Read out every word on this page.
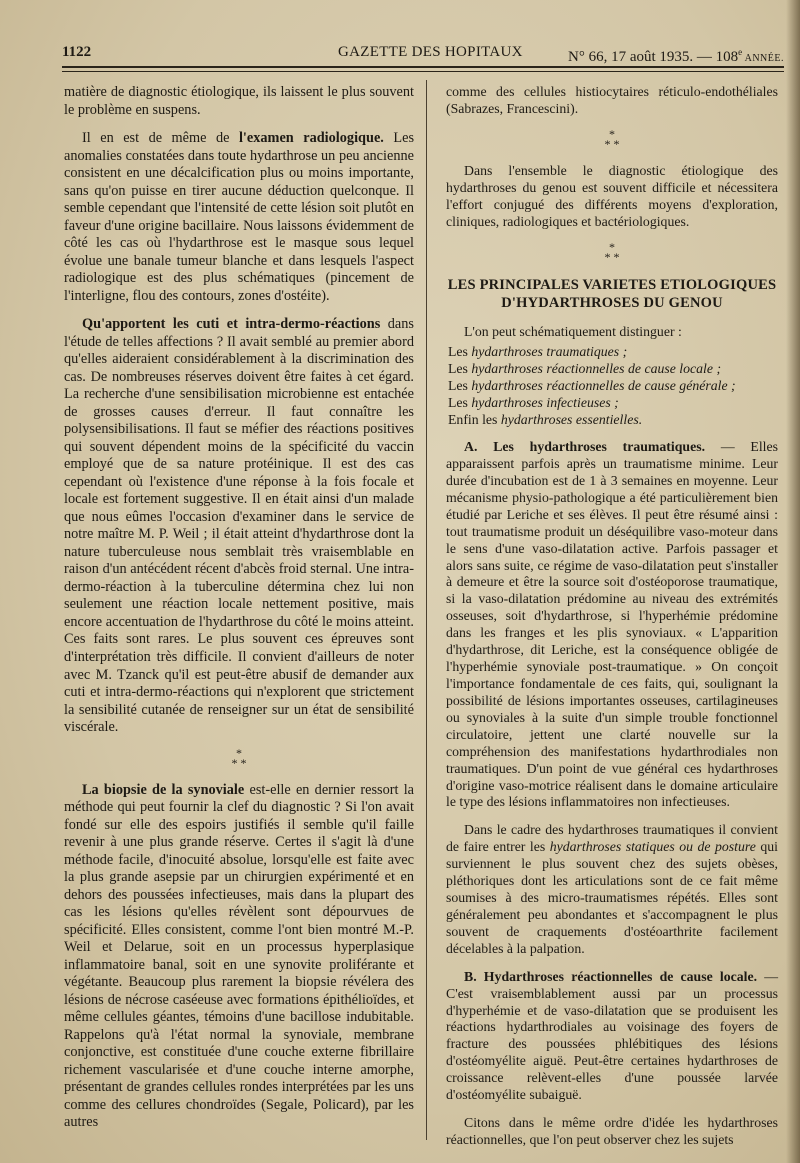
1122	GAZETTE DES HOPITAUX	N° 66, 17 août 1935. — 108e ANNÉE.

matière de diagnostic étiologique, ils laissent le plus souvent le problème en suspens.

Il en est de même de l'examen radiologique. Les anomalies constatées dans toute hydarthrose un peu ancienne consistent en une décalcification plus ou moins importante, sans qu'on puisse en tirer aucune déduction quelconque. Il semble cependant que l'intensité de cette lésion soit plutôt en faveur d'une origine bacillaire. Nous laissons évidemment de côté les cas où l'hydarthrose est le masque sous lequel évolue une banale tumeur blanche et dans lesquels l'aspect radiologique est des plus schématiques (pincement de l'interligne, flou des contours, zones d'ostéite).

Qu'apportent les cuti et intra-dermo-réactions dans l'étude de telles affections ? Il avait semblé au premier abord qu'elles aideraient considérablement à la discrimination des cas. De nombreuses réserves doivent être faites à cet égard. La recherche d'une sensibilisation microbienne est entachée de grosses causes d'erreur. Il faut connaître les polysensibilisations. Il faut se méfier des réactions positives qui souvent dépendent moins de la spécificité du vaccin employé que de sa nature protéinique. Il est des cas cependant où l'existence d'une réponse à la fois focale et locale est fortement suggestive. Il en était ainsi d'un malade que nous eûmes l'occasion d'examiner dans le service de notre maître M. P. Weil ; il était atteint d'hydarthrose dont la nature tuberculeuse nous semblait très vraisemblable en raison d'un antécédent récent d'abcès froid sternal. Une intra-dermo-réaction à la tuberculine détermina chez lui non seulement une réaction locale nettement positive, mais encore accentuation de l'hydarthrose du côté le moins atteint. Ces faits sont rares. Le plus souvent ces épreuves sont d'interprétation très difficile. Il convient d'ailleurs de noter avec M. Tzanck qu'il est peut-être abusif de demander aux cuti et intra-dermo-réactions qui n'explorent que strictement la sensibilité cutanée de renseigner sur un état de sensibilité viscérale.

*
* *

La biopsie de la synoviale est-elle en dernier ressort la méthode qui peut fournir la clef du diagnostic ? Si l'on avait fondé sur elle des espoirs justifiés il semble qu'il faille revenir à une plus grande réserve. Certes il s'agit là d'une méthode facile, d'inocuité absolue, lorsqu'elle est faite avec la plus grande asepsie par un chirurgien expérimenté et en dehors des poussées infectieuses, mais dans la plupart des cas les lésions qu'elles révèlent sont dépourvues de spécificité. Elles consistent, comme l'ont bien montré M.-P. Weil et Delarue, soit en un processus hyperplasique inflammatoire banal, soit en une synovite proliférante et végétante. Beaucoup plus rarement la biopsie révélera des lésions de nécrose caséeuse avec formations épithélioïdes, et même cellules géantes, témoins d'une bacillose indubitable. Rappelons qu'à l'état normal la synoviale, membrane conjonctive, est constituée d'une couche externe fibrillaire richement vascularisée et d'une couche interne amorphe, présentant de grandes cellules rondes interprétées par les uns comme des cellures chondroïdes (Segale, Policard), par les autres

comme des cellules histiocytaires réticulo-endothéliales (Sabrazes, Francescini).

*
* *

Dans l'ensemble le diagnostic étiologique des hydarthroses du genou est souvent difficile et nécessitera l'effort conjugué des différents moyens d'exploration, cliniques, radiologiques et bactériologiques.

*
* *
LES PRINCIPALES VARIETES ETIOLOGIQUES
D'HYDARTHROSES DU GENOU

L'on peut schématiquement distinguer :

Les hydarthroses traumatiques ;
Les hydarthroses réactionnelles de cause locale ;
Les hydarthroses réactionnelles de cause générale ;
Les hydarthroses infectieuses ;
Enfin les hydarthroses essentielles.

A. Les hydarthroses traumatiques. — Elles apparaissent parfois après un traumatisme minime. Leur durée d'incubation est de 1 à 3 semaines en moyenne. Leur mécanisme physio-pathologique a été particulièrement bien étudié par Leriche et ses élèves. Il peut être résumé ainsi : tout traumatisme produit un déséquilibre vaso-moteur dans le sens d'une vaso-dilatation active. Parfois passager et alors sans suite, ce régime de vaso-dilatation peut s'installer à demeure et être la source soit d'ostéoporose traumatique, si la vaso-dilatation prédomine au niveau des extrémités osseuses, soit d'hydarthrose, si l'hyperhémie prédomine dans les franges et les plis synoviaux. « L'apparition d'hydarthrose, dit Leriche, est la conséquence obligée de l'hyperhémie synoviale post-traumatique. » On conçoit l'importance fondamentale de ces faits, qui, soulignant la possibilité de lésions importantes osseuses, cartilagineuses ou synoviales à la suite d'un simple trouble fonctionnel circulatoire, jettent une clarté nouvelle sur la compréhension des manifestations hydarthrodiales non traumatiques. D'un point de vue général ces hydarthroses d'origine vaso-motrice réalisent dans le domaine articulaire le type des lésions inflammatoires non infectieuses.

Dans le cadre des hydarthroses traumatiques il convient de faire entrer les hydarthroses statiques ou de posture qui surviennent le plus souvent chez des sujets obèses, pléthoriques dont les articulations sont de ce fait même soumises à des micro-traumatismes répétés. Elles sont généralement peu abondantes et s'accompagnent le plus souvent de craquements d'ostéoarthrite facilement décelables à la palpation.

B. Hydarthroses réactionnelles de cause locale. — C'est vraisemblablement aussi par un processus d'hyperhémie et de vaso-dilatation que se produisent les réactions hydarthrodiales au voisinage des foyers de fracture des poussées phlébitiques des lésions d'ostéomyélite aiguë. Peut-être certaines hydarthroses de croissance relèvent-elles d'une poussée larvée d'ostéomyélite subaiguë.

Citons dans le même ordre d'idée les hydarthroses réactionnelles, que l'on peut observer chez les sujets
